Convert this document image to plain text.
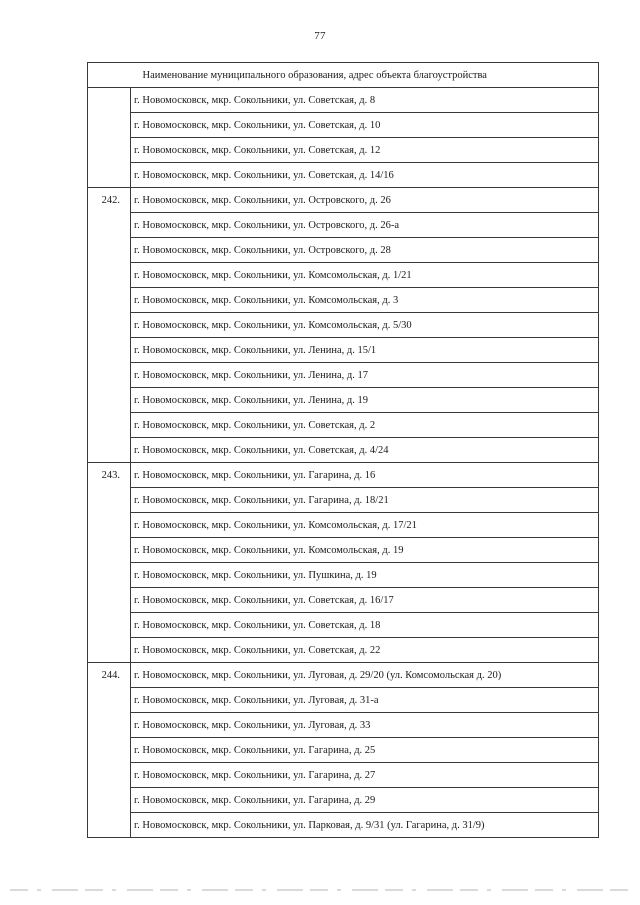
77
	Наименование муниципального образования, адрес объекта благоустройства
	г. Новомосковск, мкр. Сокольники, ул. Советская, д. 8
	г. Новомосковск, мкр. Сокольники, ул. Советская, д. 10
	г. Новомосковск, мкр. Сокольники, ул. Советская, д. 12
	г. Новомосковск, мкр. Сокольники, ул. Советская, д. 14/16
242.	г. Новомосковск, мкр. Сокольники, ул. Островского, д. 26
	г. Новомосковск, мкр. Сокольники, ул. Островского, д. 26-а
	г. Новомосковск, мкр. Сокольники, ул. Островского, д. 28
	г. Новомосковск, мкр. Сокольники, ул. Комсомольская, д. 1/21
	г. Новомосковск, мкр. Сокольники, ул. Комсомольская, д. 3
	г. Новомосковск, мкр. Сокольники, ул. Комсомольская, д. 5/30
	г. Новомосковск, мкр. Сокольники, ул. Ленина, д. 15/1
	г. Новомосковск, мкр. Сокольники, ул. Ленина, д. 17
	г. Новомосковск, мкр. Сокольники, ул. Ленина, д. 19
	г. Новомосковск, мкр. Сокольники, ул. Советская, д. 2
	г. Новомосковск, мкр. Сокольники, ул. Советская, д. 4/24
243.	г. Новомосковск, мкр. Сокольники, ул. Гагарина, д. 16
	г. Новомосковск, мкр. Сокольники, ул. Гагарина, д. 18/21
	г. Новомосковск, мкр. Сокольники, ул. Комсомольская, д. 17/21
	г. Новомосковск, мкр. Сокольники, ул. Комсомольская, д. 19
	г. Новомосковск, мкр. Сокольники, ул. Пушкина, д. 19
	г. Новомосковск, мкр. Сокольники, ул. Советская, д. 16/17
	г. Новомосковск, мкр. Сокольники, ул. Советская, д. 18
	г. Новомосковск, мкр. Сокольники, ул. Советская, д. 22
244.	г. Новомосковск, мкр. Сокольники, ул. Луговая, д. 29/20 (ул. Комсомольская д. 20)
	г. Новомосковск, мкр. Сокольники, ул. Луговая, д. 31-а
	г. Новомосковск, мкр. Сокольники, ул. Луговая, д. 33
	г. Новомосковск, мкр. Сокольники, ул. Гагарина, д. 25
	г. Новомосковск, мкр. Сокольники, ул. Гагарина, д. 27
	г. Новомосковск, мкр. Сокольники, ул. Гагарина, д. 29
	г. Новомосковск, мкр. Сокольники, ул. Парковая, д. 9/31 (ул. Гагарина, д. 31/9)
